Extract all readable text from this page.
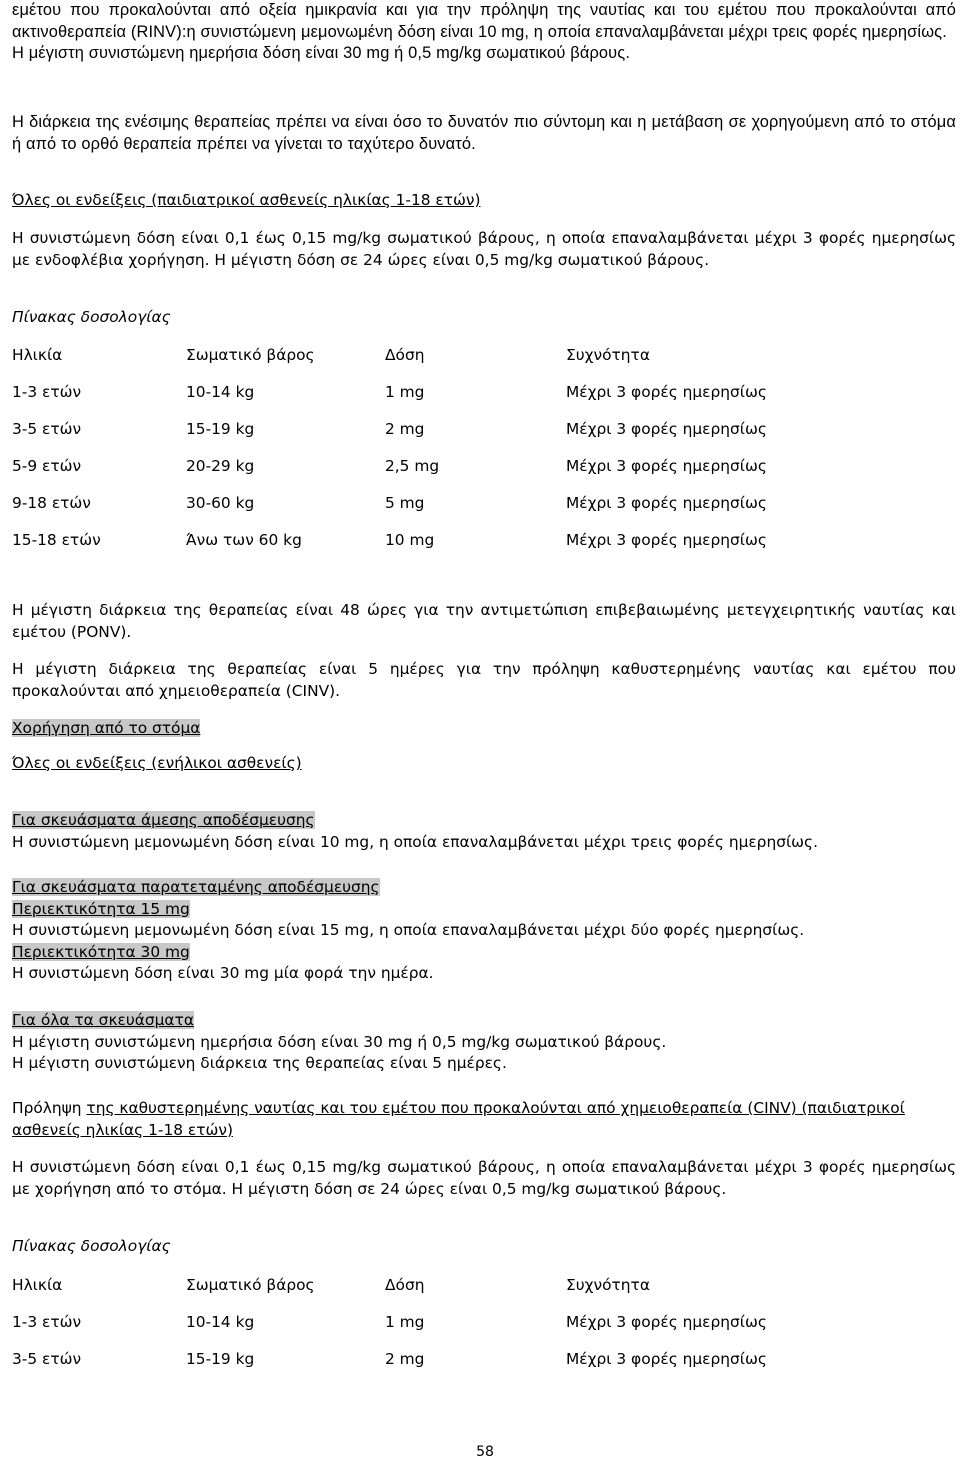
εμέτου που προκαλούνται από οξεία ημικρανία και για την πρόληψη της ναυτίας και του εμέτου που προκαλούνται από ακτινοθεραπεία (RINV):η συνιστώμενη μεμονωμένη δόση είναι 10 mg, η οποία επαναλαμβάνεται μέχρι τρεις φορές ημερησίως.
Η μέγιστη συνιστώμενη ημερήσια δόση είναι 30 mg ή 0,5 mg/kg σωματικού βάρους.

Η διάρκεια της ενέσιμης θεραπείας πρέπει να είναι όσο το δυνατόν πιο σύντομη και η μετάβαση σε χορηγούμενη από το στόμα ή από το ορθό θεραπεία πρέπει να γίνεται το ταχύτερο δυνατό.

Όλες οι ενδείξεις (παιδιατρικοί ασθενείς ηλικίας 1-18 ετών)

Η συνιστώμενη δόση είναι 0,1 έως 0,15 mg/kg σωματικού βάρους, η οποία επαναλαμβάνεται μέχρι 3 φορές ημερησίως με ενδοφλέβια χορήγηση. Η μέγιστη δόση σε 24 ώρες είναι 0,5 mg/kg σωματικού βάρους.

Πίνακας δοσολογίας

Ηλικία	Σωματικό βάρος	Δόση	Συχνότητα
1-3 ετών	10-14 kg	1 mg	Μέχρι 3 φορές ημερησίως
3-5 ετών	15-19 kg	2 mg	Μέχρι 3 φορές ημερησίως
5-9 ετών	20-29 kg	2,5 mg	Μέχρι 3 φορές ημερησίως
9-18 ετών	30-60 kg	5 mg	Μέχρι 3 φορές ημερησίως
15-18 ετών	Άνω των 60 kg	10 mg	Μέχρι 3 φορές ημερησίως

Η μέγιστη διάρκεια της θεραπείας είναι 48 ώρες για την αντιμετώπιση επιβεβαιωμένης μετεγχειρητικής ναυτίας και εμέτου (PONV).

Η μέγιστη διάρκεια της θεραπείας είναι 5 ημέρες για την πρόληψη καθυστερημένης ναυτίας και εμέτου που προκαλούνται από χημειοθεραπεία (CINV).

Χορήγηση από το στόμα

Όλες οι ενδείξεις (ενήλικοι ασθενείς)

Για σκευάσματα άμεσης αποδέσμευσης
Η συνιστώμενη μεμονωμένη δόση είναι 10 mg, η οποία επαναλαμβάνεται μέχρι τρεις φορές ημερησίως.

Για σκευάσματα παρατεταμένης αποδέσμευσης
Περιεκτικότητα 15 mg
Η συνιστώμενη μεμονωμένη δόση είναι 15 mg, η οποία επαναλαμβάνεται μέχρι δύο φορές ημερησίως.
Περιεκτικότητα 30 mg
Η συνιστώμενη δόση είναι 30 mg μία φορά την ημέρα.

Για όλα τα σκευάσματα
Η μέγιστη συνιστώμενη ημερήσια δόση είναι 30 mg ή 0,5 mg/kg σωματικού βάρους.
Η μέγιστη συνιστώμενη διάρκεια της θεραπείας είναι 5 ημέρες.

Πρόληψη της καθυστερημένης ναυτίας και του εμέτου που προκαλούνται από χημειοθεραπεία (CINV) (παιδιατρικοί ασθενείς ηλικίας 1-18 ετών)

Η συνιστώμενη δόση είναι 0,1 έως 0,15 mg/kg σωματικού βάρους, η οποία επαναλαμβάνεται μέχρι 3 φορές ημερησίως με χορήγηση από το στόμα. Η μέγιστη δόση σε 24 ώρες είναι 0,5 mg/kg σωματικού βάρους.

Πίνακας δοσολογίας

Ηλικία	Σωματικό βάρος	Δόση	Συχνότητα
1-3 ετών	10-14 kg	1 mg	Μέχρι 3 φορές ημερησίως
3-5 ετών	15-19 kg	2 mg	Μέχρι 3 φορές ημερησίως
58
